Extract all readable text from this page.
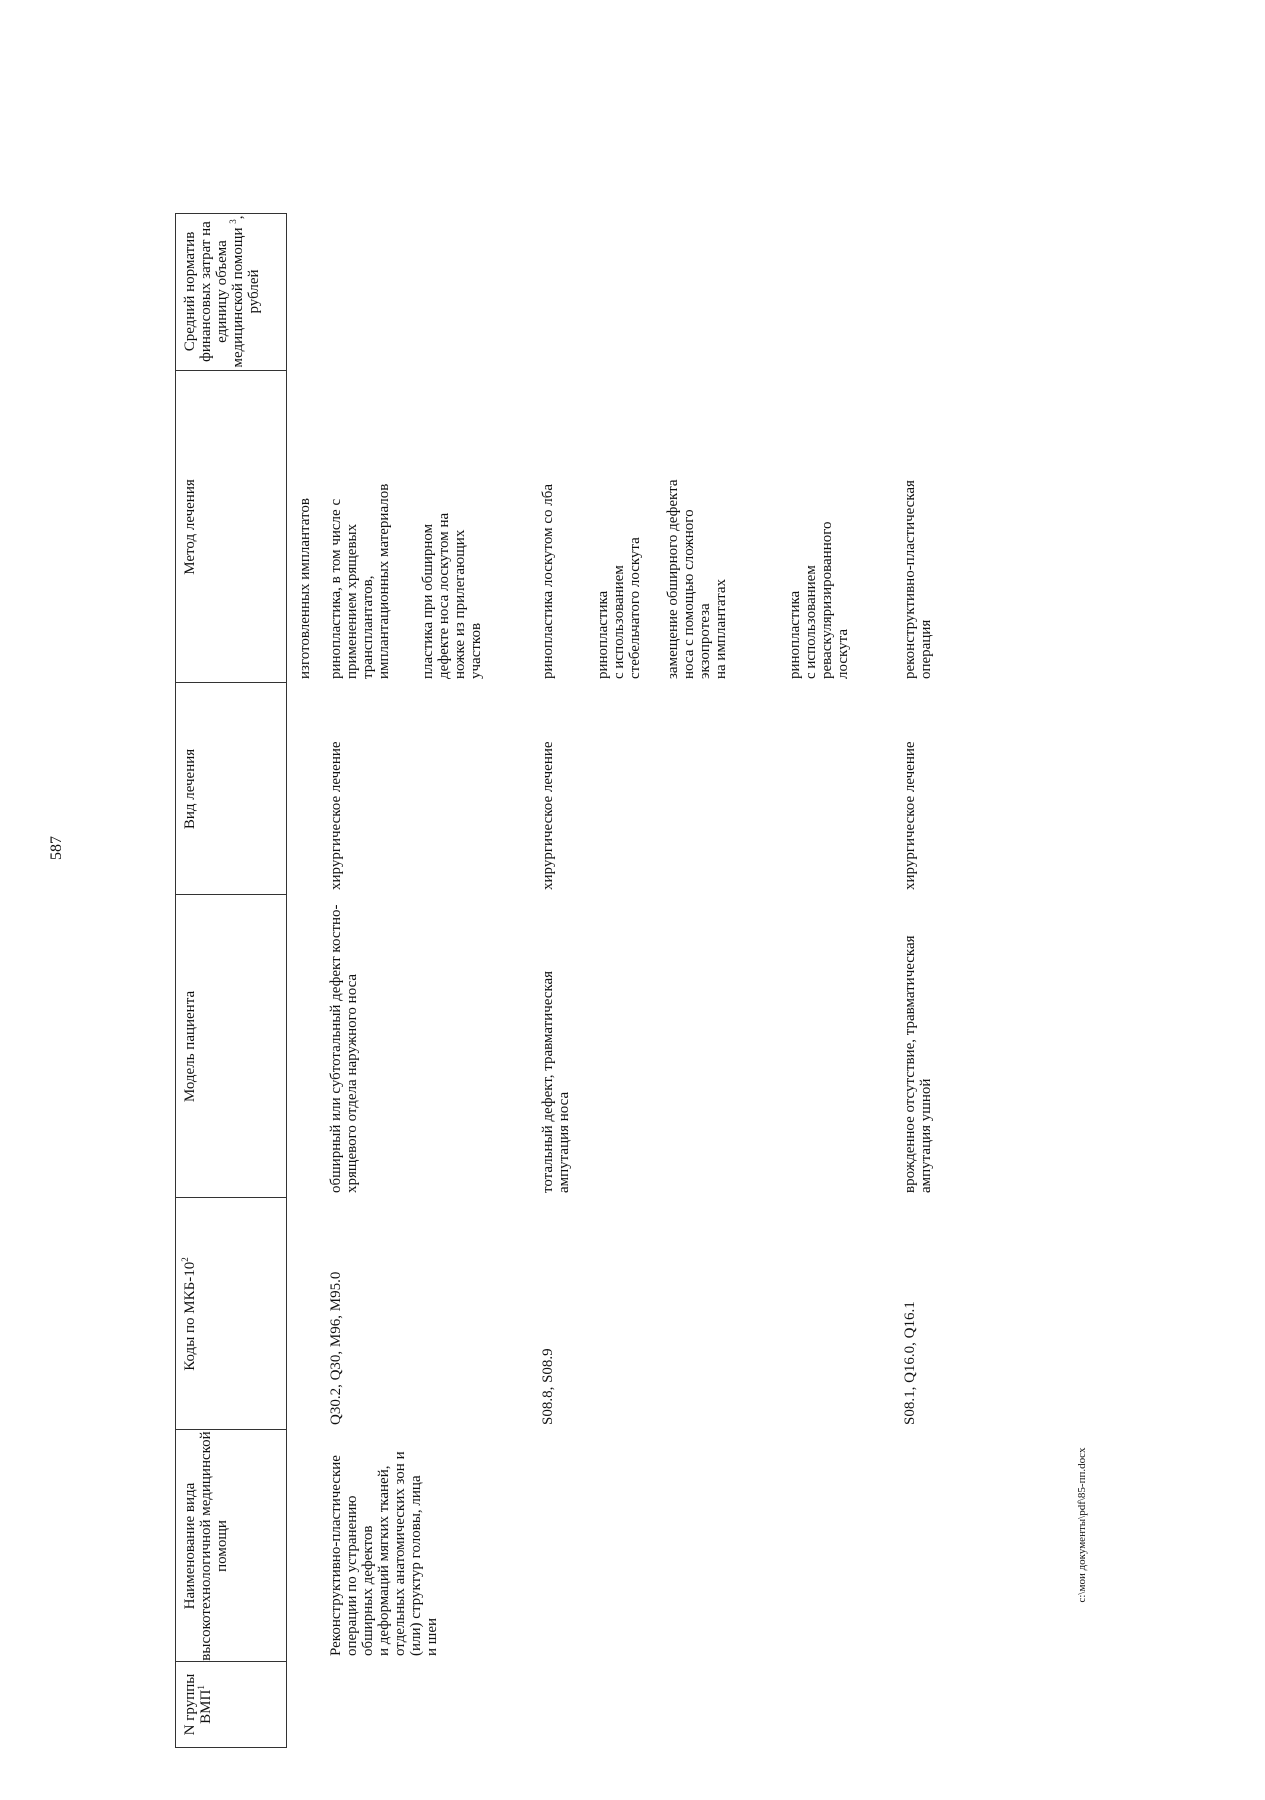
587
c:\мои документы\pdf\85-пп.docx
N группы ВМП$^1$
Наименование вида высокотехнологичной медицинской помощи
Коды по МКБ-$10^2$
Модель пациента
Вид лечения
Метод лечения
Средний норматив финансовых затрат на единицу объема медицинской помощи $^3$, рублей
изготовленных имплантатов
Реконструктивно-пластические операции по устранению обширных дефектов
и деформаций мягких тканей, отдельных анатомических зон и (или) структур головы, лица
и шеи
Q30.2, Q30, M96, M95.0
обширный или субтотальный дефект костно-хрящевого отдела наружного носа
хирургическое лечение
ринопластика, в том числе с применением хрящевых трансплантатов, имплантационных материалов пластика при обширном дефекте носа лоскутом на ножке из прилегающих участков
S08.8, S08.9
тотальный дефект, травматическая ампутация носа
хирургическое лечение
ринопластика лоскутом со лба	ринопластика
с использованием стебельчатого лоскута
замещение обширного дефекта носа с помощью сложного экзопротеза
на имплантатах	ринопластика
с использованием реваскуляризированного лоскута
S08.1, Q16.0, Q16.1
врожденное отсутствие, травматическая ампутация ушной
хирургическое лечение
реконструктивно-пластическая операция
